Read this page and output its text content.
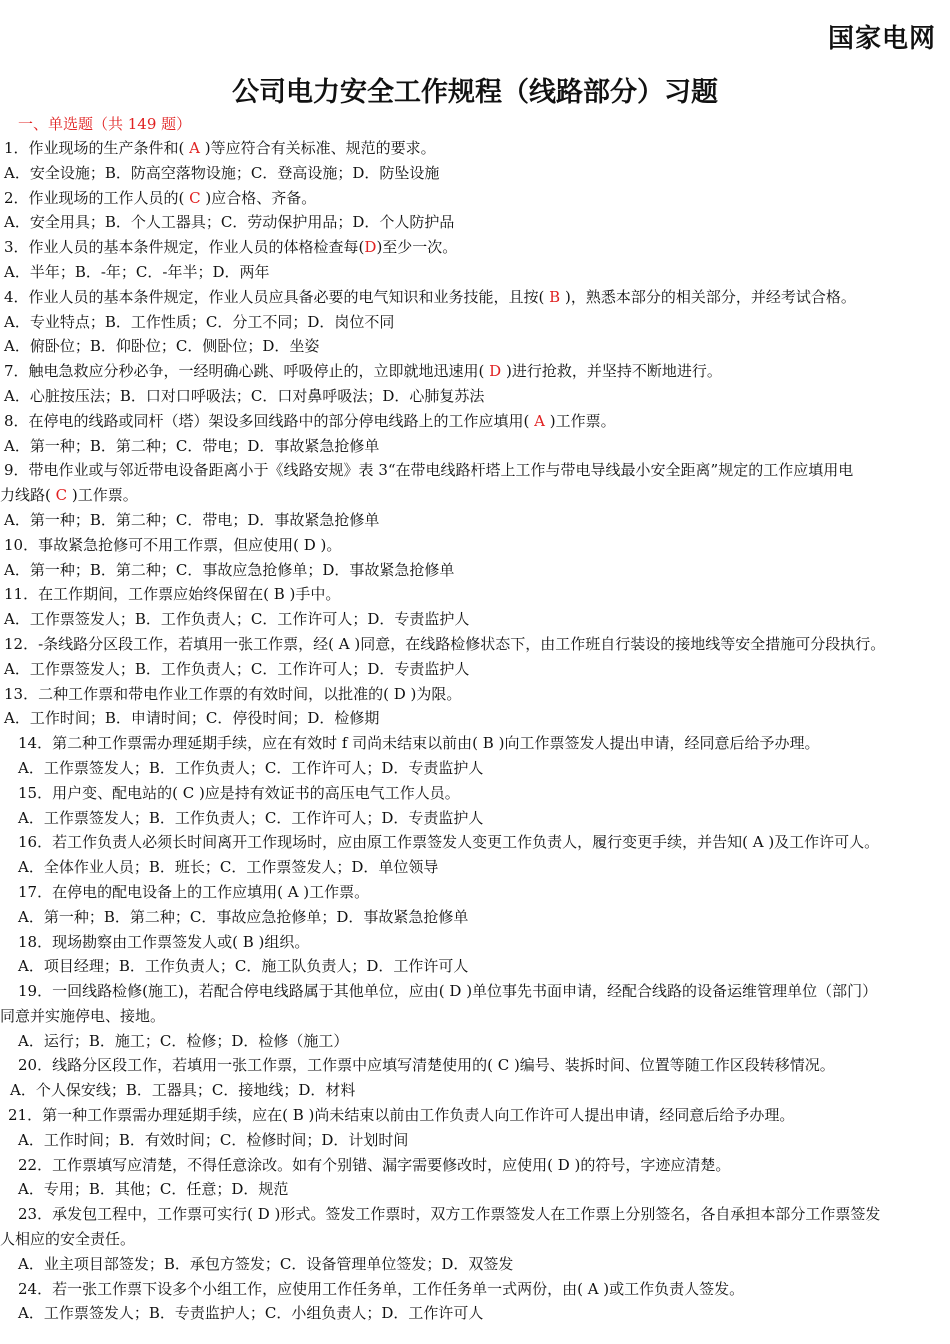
国家电网
公司电力安全工作规程（线路部分）习题
一、单选题（共 149 题）
1．作业现场的生产条件和( A )等应符合有关标准、规范的要求。
A．安全设施；B．防高空落物设施；C．登高设施；D．防坠设施
2．作业现场的工作人员的( C )应合格、齐备。
A．安全用具；B．个人工器具；C．劳动保护用品；D．个人防护品
3．作业人员的基本条件规定，作业人员的体格检查每(D)至少一次。
A．半年；B．-年；C．-年半；D．两年
4．作业人员的基本条件规定，作业人员应具备必要的电气知识和业务技能，且按( B )，熟悉本部分的相关部分，并经考试合格。
A．专业特点；B．工作性质；C．分工不同；D．岗位不同
A．俯卧位；B．仰卧位；C．侧卧位；D．坐姿
7．触电急救应分秒必争，一经明确心跳、呼吸停止的，立即就地迅速用( D )进行抢救，并坚持不断地进行。
A．心脏按压法；B．口对口呼吸法；C．口对鼻呼吸法；D．心肺复苏法
8．在停电的线路或同杆（塔）架设多回线路中的部分停电线路上的工作应填用( A )工作票。
A．第一种；B．第二种；C．带电；D．事故紧急抢修单
9．带电作业或与邻近带电设备距离小于《线路安规》表 3“在带电线路杆塔上工作与带电导线最小安全距离”规定的工作应填用电
力线路( C )工作票。
A．第一种；B．第二种；C．带电；D．事故紧急抢修单
10．事故紧急抢修可不用工作票，但应使用( D )。
A．第一种；B．第二种；C．事故应急抢修单；D．事故紧急抢修单
11．在工作期间，工作票应始终保留在( B )手中。
A．工作票签发人；B．工作负责人；C．工作许可人；D．专责监护人
12．-条线路分区段工作，若填用一张工作票，经( A )同意，在线路检修状态下，由工作班自行装设的接地线等安全措施可分段执行。
A．工作票签发人；B．工作负责人；C．工作许可人；D．专责监护人
13．二种工作票和带电作业工作票的有效时间，以批准的( D )为限。
A．工作时间；B．申请时间；C．停役时间；D．检修期
14．第二种工作票需办理延期手续，应在有效时 f 司尚未结束以前由( B )向工作票签发人提出申请，经同意后给予办理。
A．工作票签发人；B．工作负责人；C．工作许可人；D．专责监护人
15．用户变、配电站的( C )应是持有效证书的高压电气工作人员。
A．工作票签发人；B．工作负责人；C．工作许可人；D．专责监护人
16．若工作负责人必须长时间离开工作现场时，应由原工作票签发人变更工作负责人，履行变更手续，并告知( A )及工作许可人。
A．全体作业人员；B．班长；C．工作票签发人；D．单位领导
17．在停电的配电设备上的工作应填用( A )工作票。
A．第一种；B．第二种；C．事故应急抢修单；D．事故紧急抢修单
18．现场勘察由工作票签发人或( B )组织。
A．项目经理；B．工作负责人；C．施工队负责人；D．工作许可人
19．一回线路检修(施工)，若配合停电线路属于其他单位，应由( D )单位事先书面申请，经配合线路的设备运维管理单位（部门）
同意并实施停电、接地。
A．运行；B．施工；C．检修；D．检修（施工）
20．线路分区段工作，若填用一张工作票，工作票中应填写清楚使用的( C )编号、装拆时间、位置等随工作区段转移情况。
A．个人保安线；B．工器具；C．接地线；D．材料
21．第一种工作票需办理延期手续，应在( B )尚未结束以前由工作负责人向工作许可人提出申请，经同意后给予办理。
A．工作时间；B．有效时间；C．检修时间；D．计划时间
22．工作票填写应清楚，不得任意涂改。如有个别错、漏字需要修改时，应使用( D )的符号，字迹应清楚。
A．专用；B．其他；C．任意；D．规范
23．承发包工程中，工作票可实行( D )形式。签发工作票时，双方工作票签发人在工作票上分别签名，各自承担本部分工作票签发
人相应的安全责任。
A．业主项目部签发；B．承包方签发；C．设备管理单位签发；D．双签发
24．若一张工作票下设多个小组工作，应使用工作任务单，工作任务单一式两份，由( A )或工作负责人签发。
A．工作票签发人；B．专责监护人；C．小组负责人；D．工作许可人
